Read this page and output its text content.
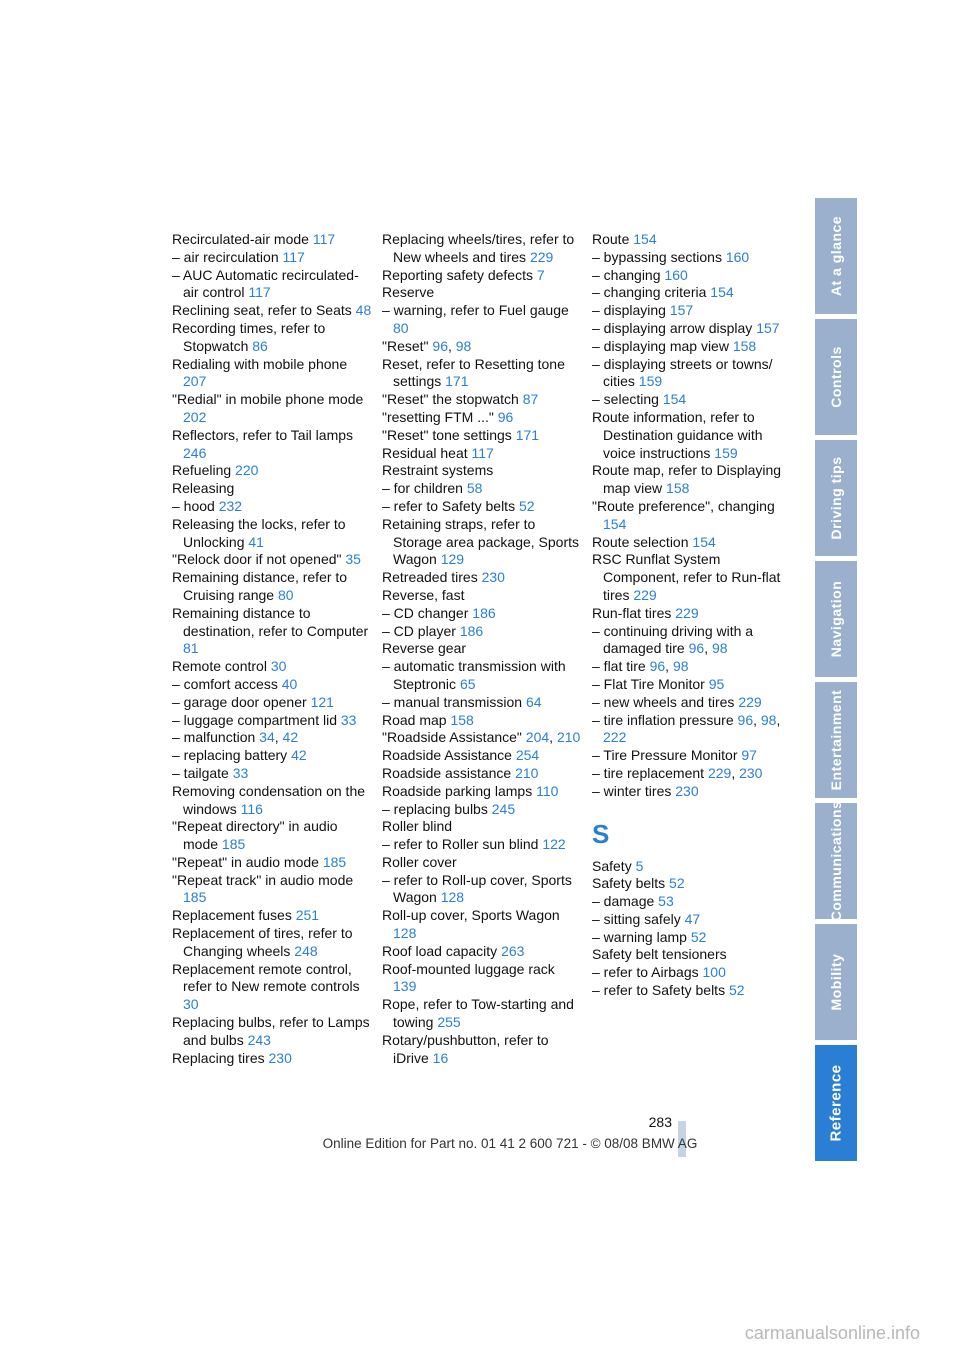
Recirculated-air mode 117
– air recirculation 117
– AUC Automatic recirculated-air control 117
Reclining seat, refer to Seats 48
Recording times, refer to Stopwatch 86
Redialing with mobile phone 207
"Redial" in mobile phone mode 202
Reflectors, refer to Tail lamps 246
Refueling 220
Releasing
– hood 232
Releasing the locks, refer to Unlocking 41
"Relock door if not opened" 35
Remaining distance, refer to Cruising range 80
Remaining distance to destination, refer to Computer 81
Remote control 30
– comfort access 40
– garage door opener 121
– luggage compartment lid 33
– malfunction 34, 42
– replacing battery 42
– tailgate 33
Removing condensation on the windows 116
"Repeat directory" in audio mode 185
"Repeat" in audio mode 185
"Repeat track" in audio mode 185
Replacement fuses 251
Replacement of tires, refer to Changing wheels 248
Replacement remote control, refer to New remote controls 30
Replacing bulbs, refer to Lamps and bulbs 243
Replacing tires 230
Replacing wheels/tires, refer to New wheels and tires 229
Reporting safety defects 7
Reserve
– warning, refer to Fuel gauge 80
"Reset" 96, 98
Reset, refer to Resetting tone settings 171
"Reset" the stopwatch 87
"resetting FTM ..." 96
"Reset" tone settings 171
Residual heat 117
Restraint systems
– for children 58
– refer to Safety belts 52
Retaining straps, refer to Storage area package, Sports Wagon 129
Retreaded tires 230
Reverse, fast
– CD changer 186
– CD player 186
Reverse gear
– automatic transmission with Steptronic 65
– manual transmission 64
Road map 158
"Roadside Assistance" 204, 210
Roadside Assistance 254
Roadside assistance 210
Roadside parking lamps 110
– replacing bulbs 245
Roller blind
– refer to Roller sun blind 122
Roller cover
– refer to Roll-up cover, Sports Wagon 128
Roll-up cover, Sports Wagon 128
Roof load capacity 263
Roof-mounted luggage rack 139
Rope, refer to Tow-starting and towing 255
Rotary/pushbutton, refer to iDrive 16
Route 154
– bypassing sections 160
– changing 160
– changing criteria 154
– displaying 157
– displaying arrow display 157
– displaying map view 158
– displaying streets or towns/ cities 159
– selecting 154
Route information, refer to Destination guidance with voice instructions 159
Route map, refer to Displaying map view 158
"Route preference", changing 154
Route selection 154
RSC Runflat System Component, refer to Run-flat tires 229
Run-flat tires 229
– continuing driving with a damaged tire 96, 98
– flat tire 96, 98
– Flat Tire Monitor 95
– new wheels and tires 229
– tire inflation pressure 96, 98, 222
– Tire Pressure Monitor 97
– tire replacement 229, 230
– winter tires 230
S
Safety 5
Safety belts 52
– damage 53
– sitting safely 47
– warning lamp 52
Safety belt tensioners
– refer to Airbags 100
– refer to Safety belts 52
At a glance
Controls
Driving tips
Navigation
Entertainment
Communications
Mobility
Reference
283
Online Edition for Part no. 01 41 2 600 721 - © 08/08 BMW AG
carmanualsonline.info
